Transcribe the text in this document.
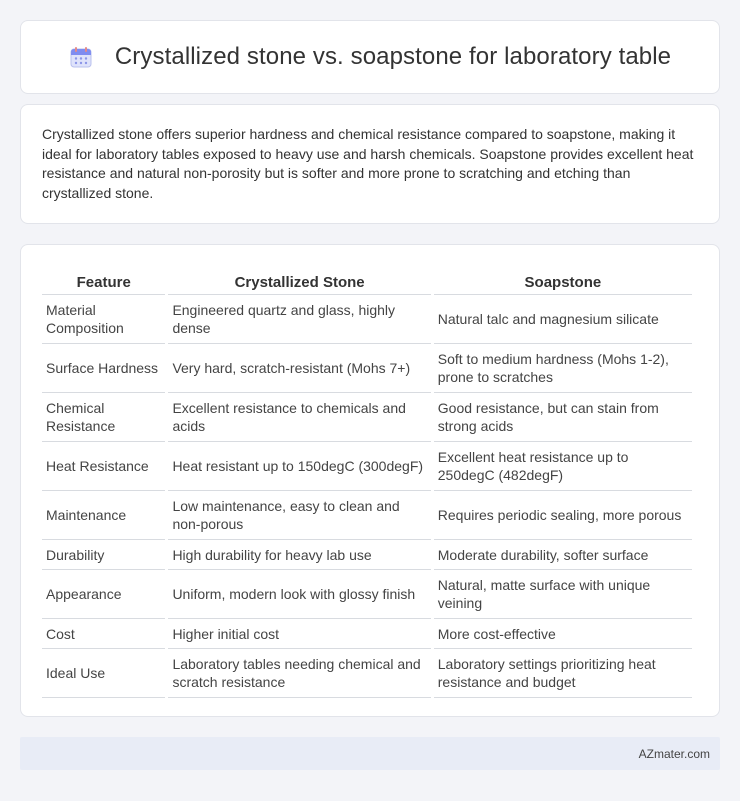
Crystallized stone vs. soapstone for laboratory table

Crystallized stone offers superior hardness and chemical resistance compared to soapstone, making it ideal for laboratory tables exposed to heavy use and harsh chemicals. Soapstone provides excellent heat resistance and natural non-porosity but is softer and more prone to scratching and etching than crystallized stone.

Feature	Crystallized Stone	Soapstone
Material Composition	Engineered quartz and glass, highly dense	Natural talc and magnesium silicate
Surface Hardness	Very hard, scratch-resistant (Mohs 7+)	Soft to medium hardness (Mohs 1-2), prone to scratches
Chemical Resistance	Excellent resistance to chemicals and acids	Good resistance, but can stain from strong acids
Heat Resistance	Heat resistant up to 150degC (300degF)	Excellent heat resistance up to 250degC (482degF)
Maintenance	Low maintenance, easy to clean and non-porous	Requires periodic sealing, more porous
Durability	High durability for heavy lab use	Moderate durability, softer surface
Appearance	Uniform, modern look with glossy finish	Natural, matte surface with unique veining
Cost	Higher initial cost	More cost-effective
Ideal Use	Laboratory tables needing chemical and scratch resistance	Laboratory settings prioritizing heat resistance and budget
AZmater.com
